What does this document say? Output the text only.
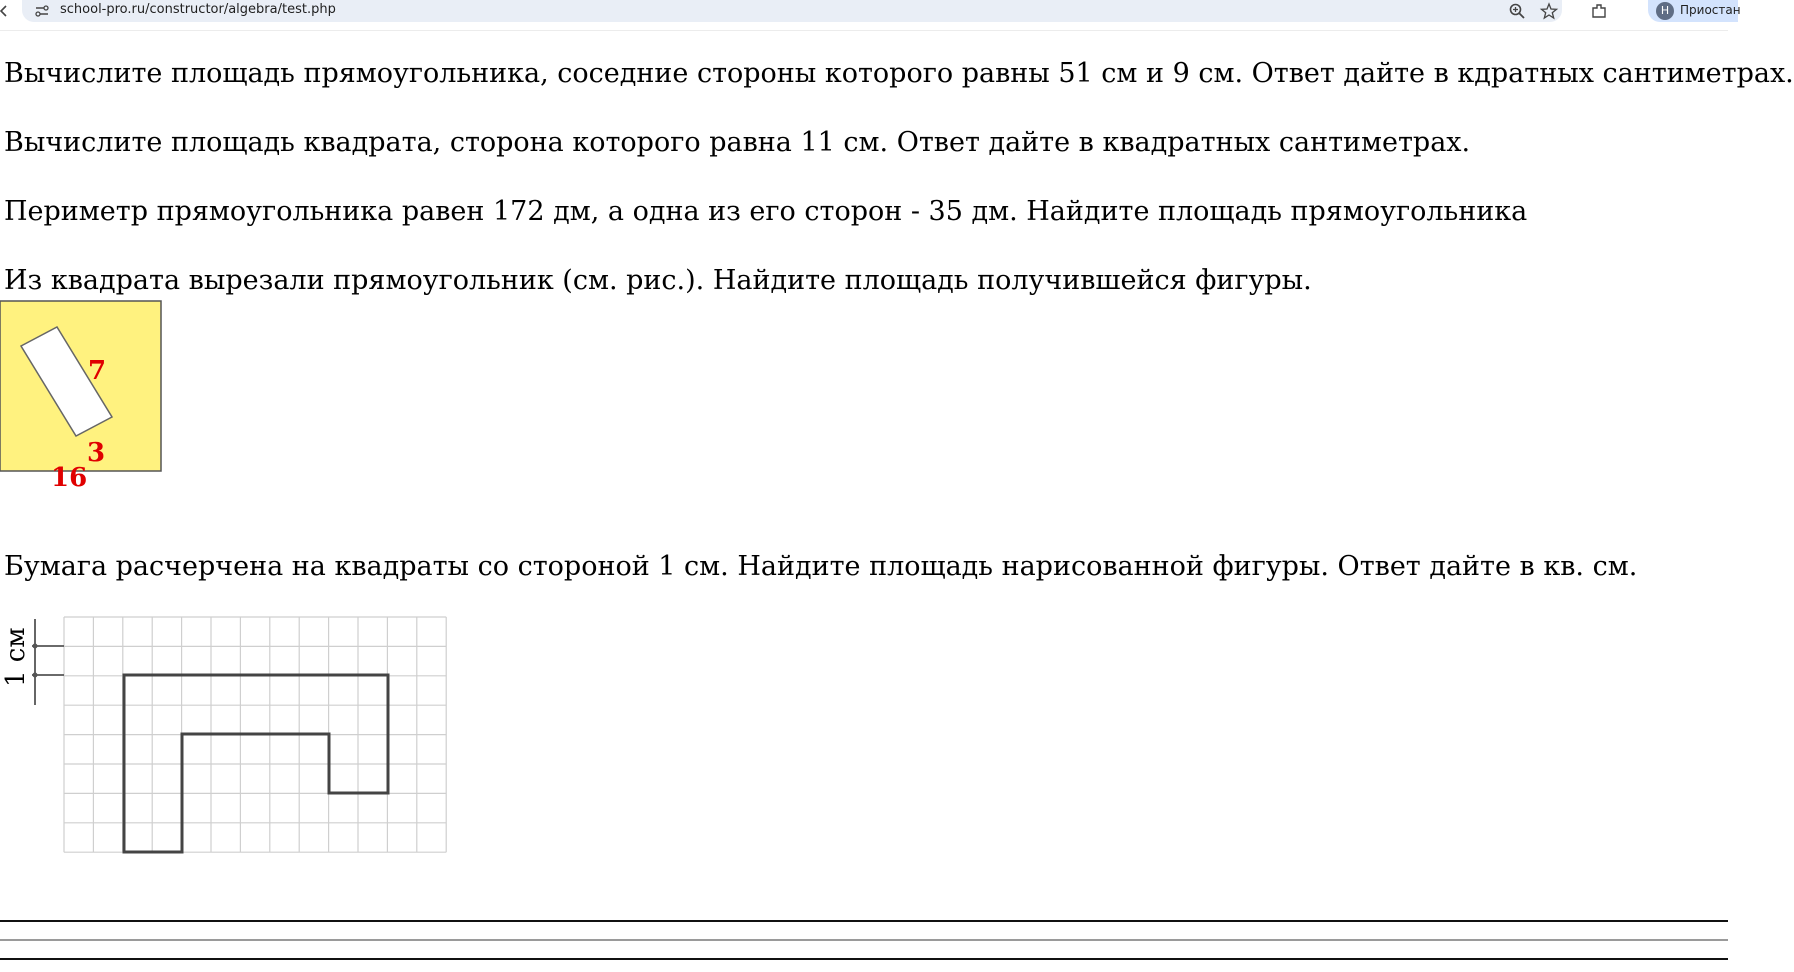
school-pro.ru/constructor/algebra/test.php	Н Приостан
Вычислите площадь прямоугольника, соседние стороны которого равны 51 см и 9 см. Ответ дайте в кдратных сантиметрах.
Вычислите площадь квадрата, сторона которого равна 11 см. Ответ дайте в квадратных сантиметрах.
Периметр прямоугольника равен 172 дм, а одна из его сторон - 35 дм. Найдите площадь прямоугольника
Из квадрата вырезали прямоугольник (см. рис.). Найдите площадь получившейся фигуры.
7
3
16
Бумага расчерчена на квадраты со стороной 1 см. Найдите площадь нарисованной фигуры. Ответ дайте в кв. см.
1 см
